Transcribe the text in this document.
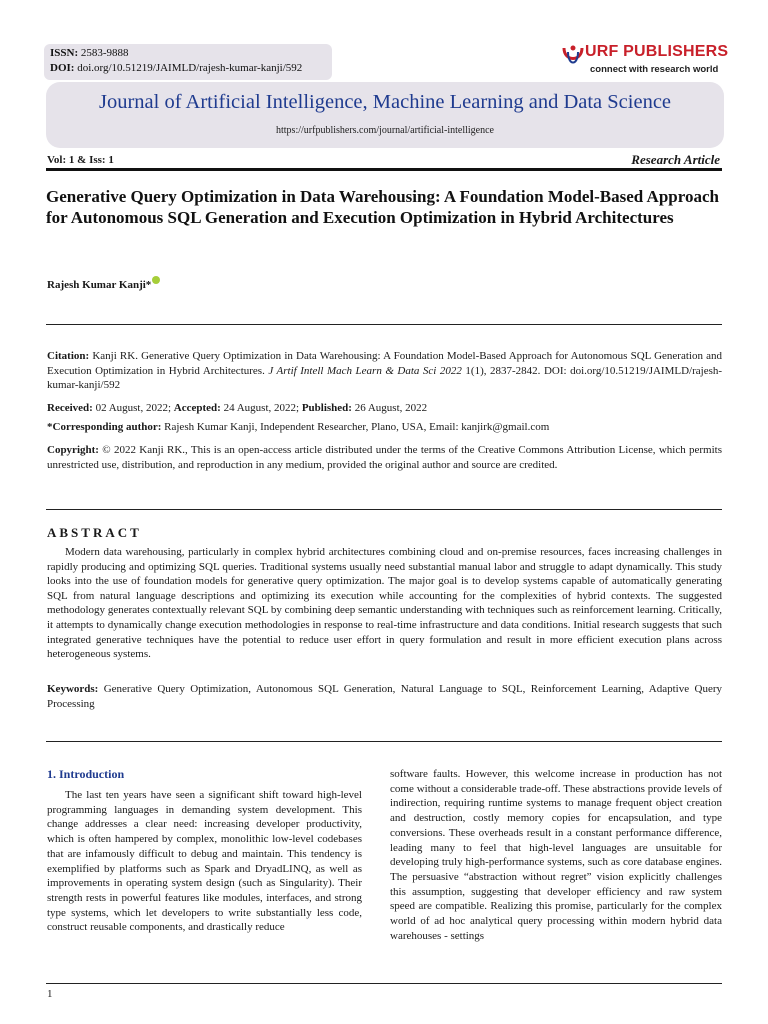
ISSN: 2583-9888
DOI: doi.org/10.51219/JAIMLD/rajesh-kumar-kanji/592
URF PUBLISHERS
connect with research world
Journal of Artificial Intelligence, Machine Learning and Data Science
https://urfpublishers.com/journal/artificial-intelligence
Vol: 1 & Iss: 1	Research Article
Generative Query Optimization in Data Warehousing: A Foundation Model-Based Approach for Autonomous SQL Generation and Execution Optimization in Hybrid Architectures
Rajesh Kumar Kanji*
Citation: Kanji RK. Generative Query Optimization in Data Warehousing: A Foundation Model-Based Approach for Autonomous SQL Generation and Execution Optimization in Hybrid Architectures. J Artif Intell Mach Learn & Data Sci 2022 1(1), 2837-2842. DOI: doi.org/10.51219/JAIMLD/rajesh-kumar-kanji/592
Received: 02 August, 2022; Accepted: 24 August, 2022; Published: 26 August, 2022
*Corresponding author: Rajesh Kumar Kanji, Independent Researcher, Plano, USA, Email: kanjirk@gmail.com
Copyright: © 2022 Kanji RK., This is an open-access article distributed under the terms of the Creative Commons Attribution License, which permits unrestricted use, distribution, and reproduction in any medium, provided the original author and source are credited.
ABSTRACT
Modern data warehousing, particularly in complex hybrid architectures combining cloud and on-premise resources, faces increasing challenges in rapidly producing and optimizing SQL queries. Traditional systems usually need substantial manual labor and struggle to adapt dynamically. This study looks into the use of foundation models for generative query optimization. The major goal is to develop systems capable of automatically generating SQL from natural language descriptions and optimizing its execution while accounting for the complexities of hybrid contexts. The suggested methodology generates contextually relevant SQL by combining deep semantic understanding with techniques such as reinforcement learning. Critically, it attempts to dynamically change execution methodologies in response to real-time infrastructure and data conditions. Initial research suggests that such integrated generative techniques have the potential to reduce user effort in query formulation and result in more efficient execution plans across heterogeneous systems.
Keywords: Generative Query Optimization, Autonomous SQL Generation, Natural Language to SQL, Reinforcement Learning, Adaptive Query Processing
1. Introduction
The last ten years have seen a significant shift toward high-level programming languages in demanding system development. This change addresses a clear need: increasing developer productivity, which is often hampered by complex, monolithic low-level codebases that are infamously difficult to debug and maintain. This tendency is exemplified by platforms such as Spark and DryadLINQ, as well as improvements in operating system design (such as Singularity). Their strength rests in powerful features like modules, interfaces, and strong type systems, which let developers to write substantially less code, construct reusable components, and drastically reduce
software faults. However, this welcome increase in production has not come without a considerable trade-off. These abstractions provide levels of indirection, requiring runtime systems to manage frequent object creation and destruction, costly memory copies for encapsulation, and type conversions. These overheads result in a constant performance difference, leading many to feel that high-level languages are unsuitable for developing truly high-performance systems, such as core database engines. The persuasive “abstraction without regret” vision explicitly challenges this assumption, suggesting that developer efficiency and raw system speed are compatible. Realizing this promise, particularly for the complex world of ad hoc analytical query processing within modern hybrid data warehouses - settings
1
